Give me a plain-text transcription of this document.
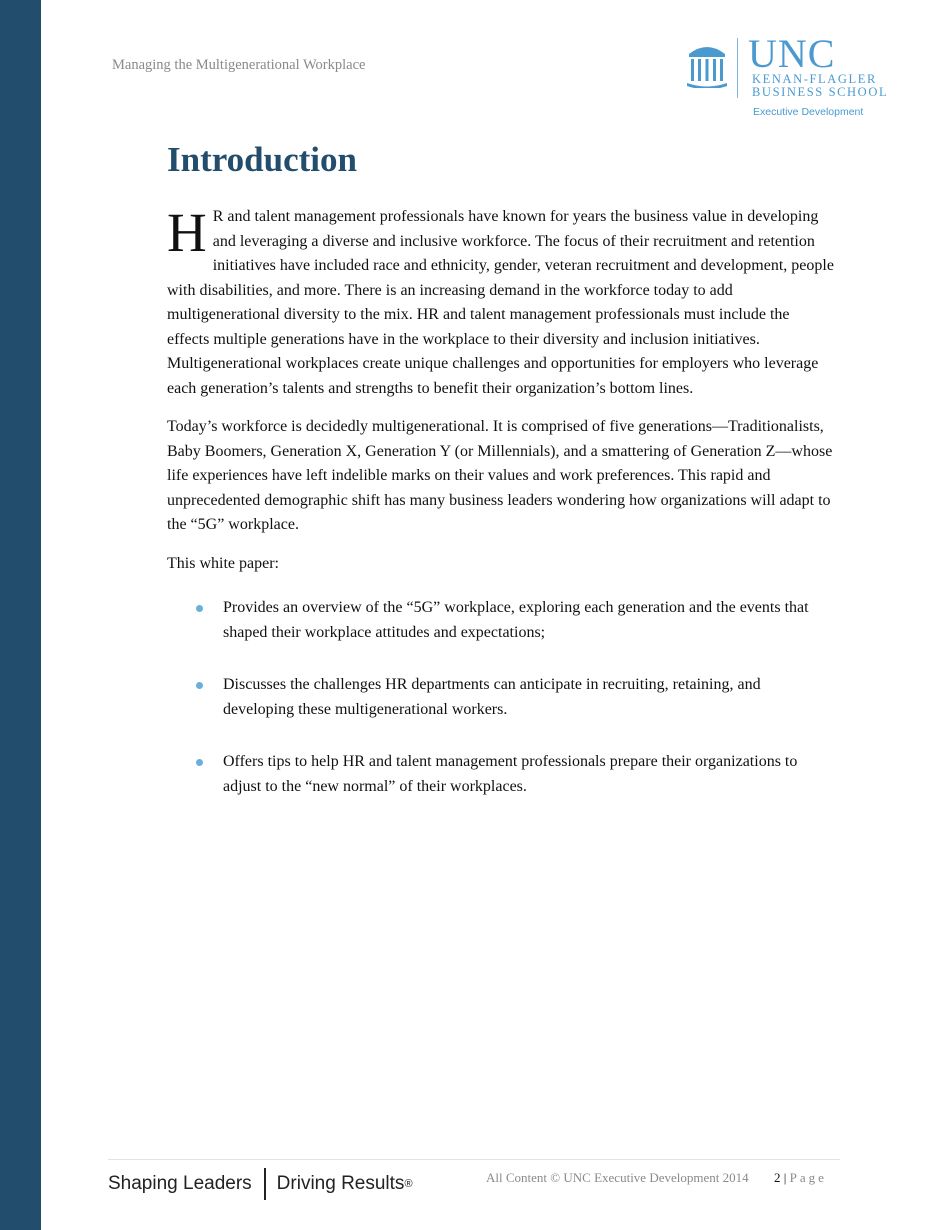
Managing the Multigenerational Workplace	UNC
KENAN-FLAGLER
BUSINESS SCHOOL
Executive Development
Introduction

H R and talent management professionals have known for years the business value in developing and leveraging a diverse and inclusive workforce. The focus of their recruitment and retention initiatives have included race and ethnicity, gender, veteran recruitment and development, people with disabilities, and more. There is an increasing demand in the workforce today to add multigenerational diversity to the mix. HR and talent management professionals must include the effects multiple generations have in the workplace to their diversity and inclusion initiatives. Multigenerational workplaces create unique challenges and opportunities for employers who leverage each generation’s talents and strengths to benefit their organization’s bottom lines.

Today’s workforce is decidedly multigenerational. It is comprised of five generations—Traditionalists, Baby Boomers, Generation X, Generation Y (or Millennials), and a smattering of Generation Z—whose life experiences have left indelible marks on their values and work preferences. This rapid and unprecedented demographic shift has many business leaders wondering how organizations will adapt to the “5G” workplace.

This white paper:

Provides an overview of the “5G” workplace, exploring each generation and the events that shaped their workplace attitudes and expectations;
Discusses the challenges HR departments can anticipate in recruiting, retaining, and developing these multigenerational workers.
Offers tips to help HR and talent management professionals prepare their organizations to adjust to the “new normal” of their workplaces.
Shaping Leaders Driving Results ®	All Content © UNC Executive Development 2014 2 | Page
